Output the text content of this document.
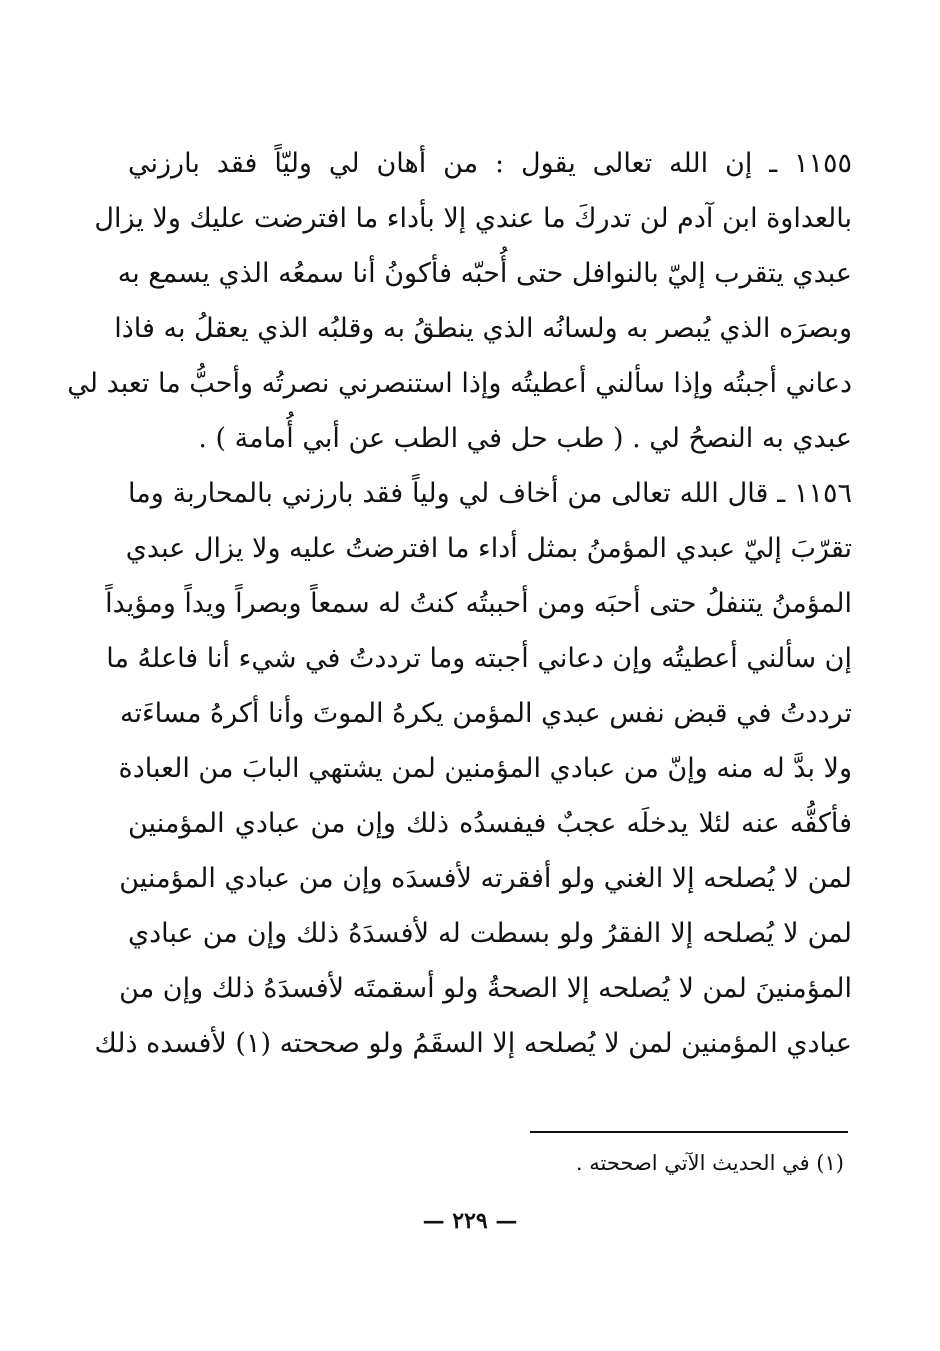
١١٥٥ ـ إن الله تعالى يقول : من أهان لي وليّاً فقد بارزني
بالعداوة ابن آدم لن تدركَ ما عندي إلا بأداء ما افترضت عليك ولا يزال
عبدي يتقرب إليّ بالنوافل حتى أُحبّه فأكونُ أنا سمعُه الذي يسمع به
وبصرَه الذي يُبصر به ولسانُه الذي ينطقُ به وقلبُه الذي يعقلُ به فاذا
دعاني أجبتُه وإذا سألني أعطيتُه وإذا استنصرني نصرتُه وأحبُّ ما تعبد لي
عبدي به النصحُ لي . ( طب حل في الطب عن أبي أُمامة ) .
١١٥٦ ـ قال الله تعالى من أخاف لي ولياً فقد بارزني بالمحاربة وما
تقرّبَ إليّ عبدي المؤمنُ بمثل أداء ما افترضتُ عليه ولا يزال عبدي
المؤمنُ يتنفلُ حتى أحبَه ومن أحببتُه كنتُ له سمعاً وبصراً ويداً ومؤيداً
إن سألني أعطيتُه وإن دعاني أجبته وما ترددتُ في شيء أنا فاعلهُ ما
ترددتُ في قبض نفس عبدي المؤمن يكرهُ الموتَ وأنا أكرهُ مساءَته
ولا بدَّ له منه وإنّ من عبادي المؤمنين لمن يشتهي البابَ من العبادة
فأكفُّه عنه لئلا يدخلَه عجبٌ فيفسدُه ذلك وإن من عبادي المؤمنين
لمن لا يُصلحه إلا الغني ولو أفقرته لأفسدَه وإن من عبادي المؤمنين
لمن لا يُصلحه إلا الفقرُ ولو بسطت له لأفسدَهُ ذلك وإن من عبادي
المؤمنينَ لمن لا يُصلحه إلا الصحةُ ولو أسقمتَه لأفسدَهُ ذلك وإن من
عبادي المؤمنين لمن لا يُصلحه إلا السقَمُ ولو صححته (١) لأفسده ذلك
(١) في الحديث الآتي اصححته .
— ٢٢٩ —
